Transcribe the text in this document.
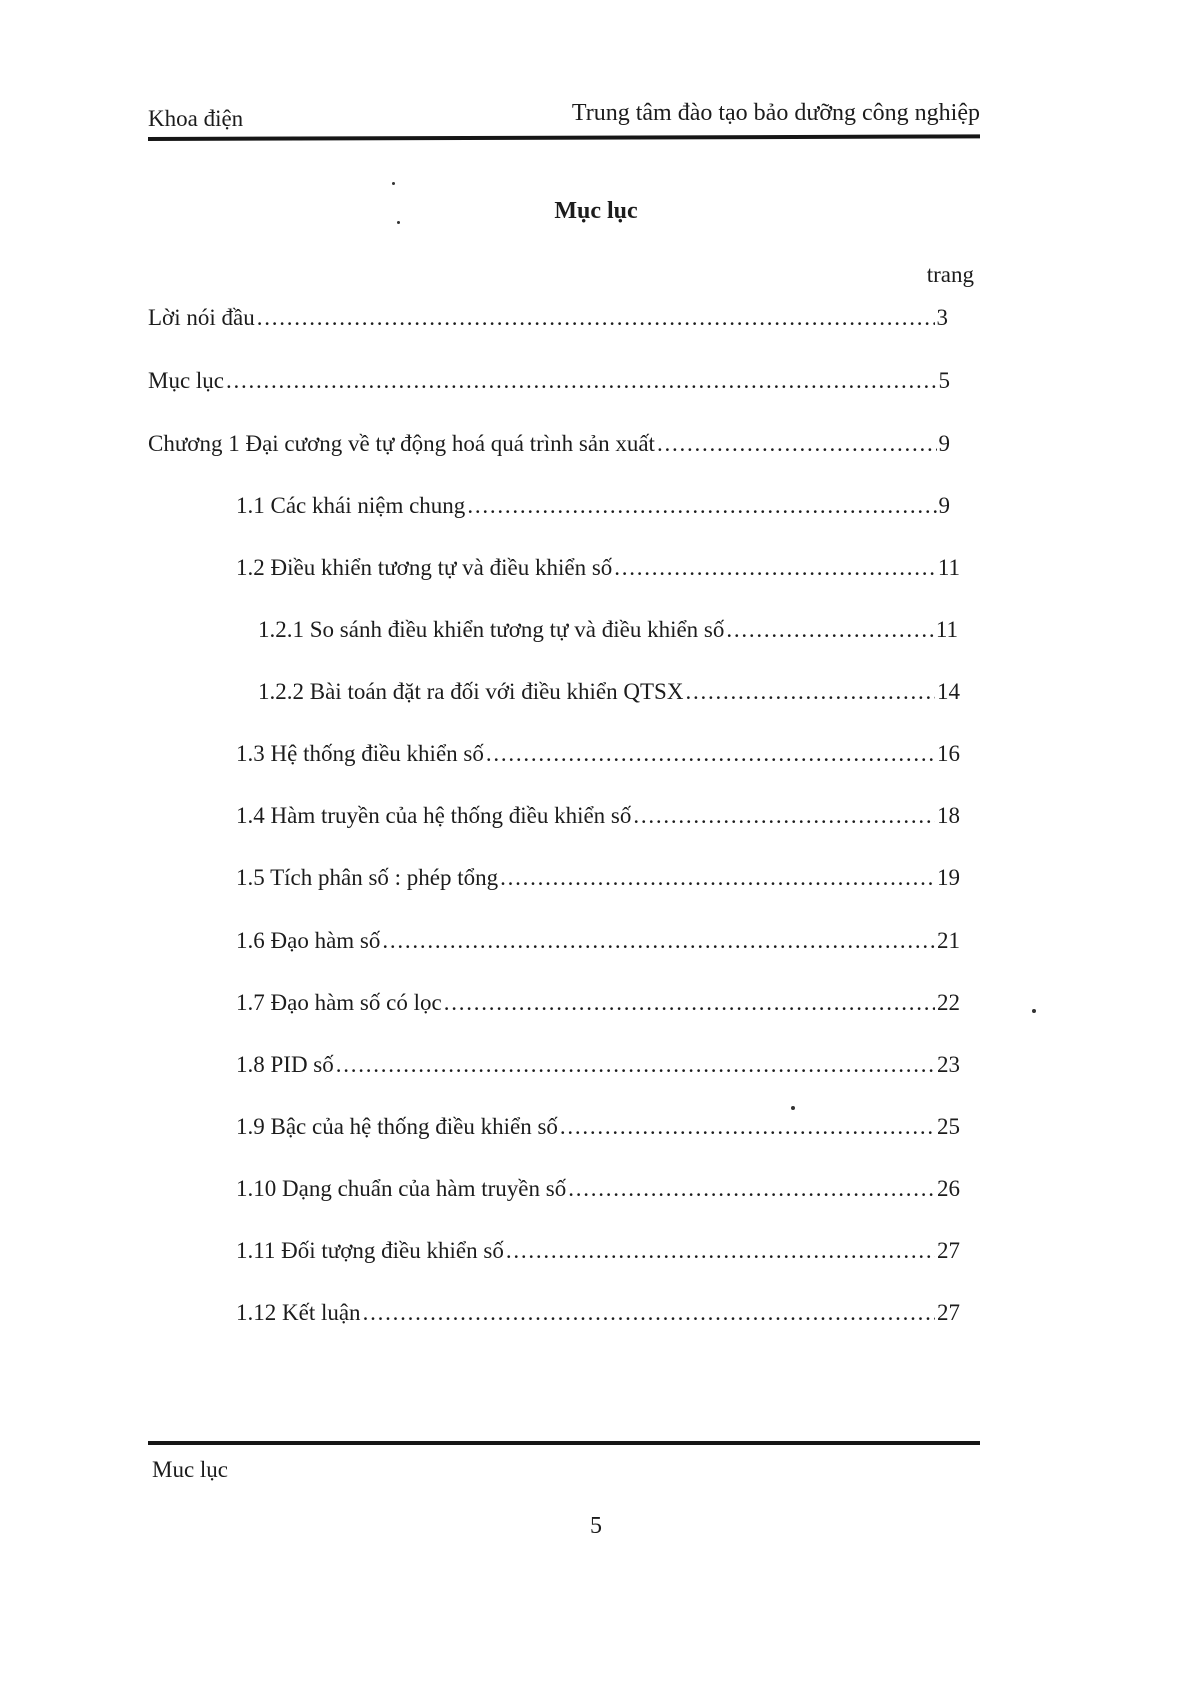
Khoa điện	Trung tâm đào tạo bảo dưỡng công nghiệp
Mục lục
trang
Lời nói đầu . . .	3
Mục lục . . .	5
Chương 1 Đại cương về tự động hoá quá trình sản xuất . . .	9
1.1 Các khái niệm chung . . .	9
1.2 Điều khiển tương tự và điều khiển số . . .	11
1.2.1 So sánh điều khiển tương tự và điều khiển số . . .	11
1.2.2 Bài toán đặt ra đối với điều khiển QTSX . . .	14
1.3 Hệ thống điều khiển số . . .	16
1.4 Hàm truyền của hệ thống điều khiển số . . .	18
1.5 Tích phân số : phép tổng . . .	19
1.6 Đạo hàm số . . .	21
1.7 Đạo hàm số có lọc . . .	22
1.8 PID số . . .	23
1.9 Bậc của hệ thống điều khiển số . . .	25
1.10 Dạng chuẩn của hàm truyền số . . .	26
1.11 Đối tượng điều khiển số . . .	27
1.12 Kết luận . . .	27
Muc lục
5
